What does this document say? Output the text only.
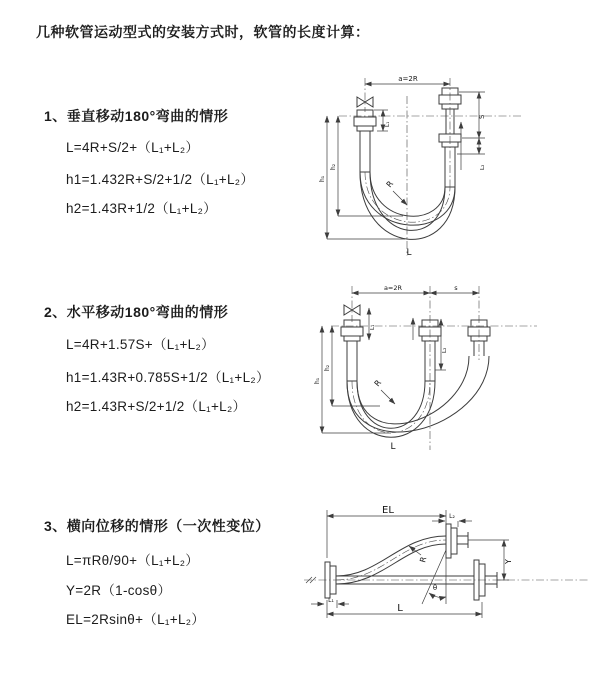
几种软管运动型式的安装方式时，软管的长度计算：
1、垂直移动180°弯曲的情形
L=4R+S/2+（L₁+L₂）
h1=1.432R+S/2+1/2（L₁+L₂）
h2=1.43R+1/2（L₁+L₂）
2、水平移动180°弯曲的情形
L=4R+1.57S+（L₁+L₂）
h1=1.43R+0.785S+1/2（L₁+L₂）
h2=1.43R+S/2+1/2（L₁+L₂）
3、横向位移的情形（一次性变位）
L=πRθ/90+（L₁+L₂）
Y=2R（1-cosθ）
EL=2Rsinθ+（L₁+L₂）
a=2R
R
h₁
h₂
L₁
S
L₂
L
a=2R	s
R
h₁
h₂
L₁
L₂
L
EL
L₂
Y
R
θ
L
L₁
